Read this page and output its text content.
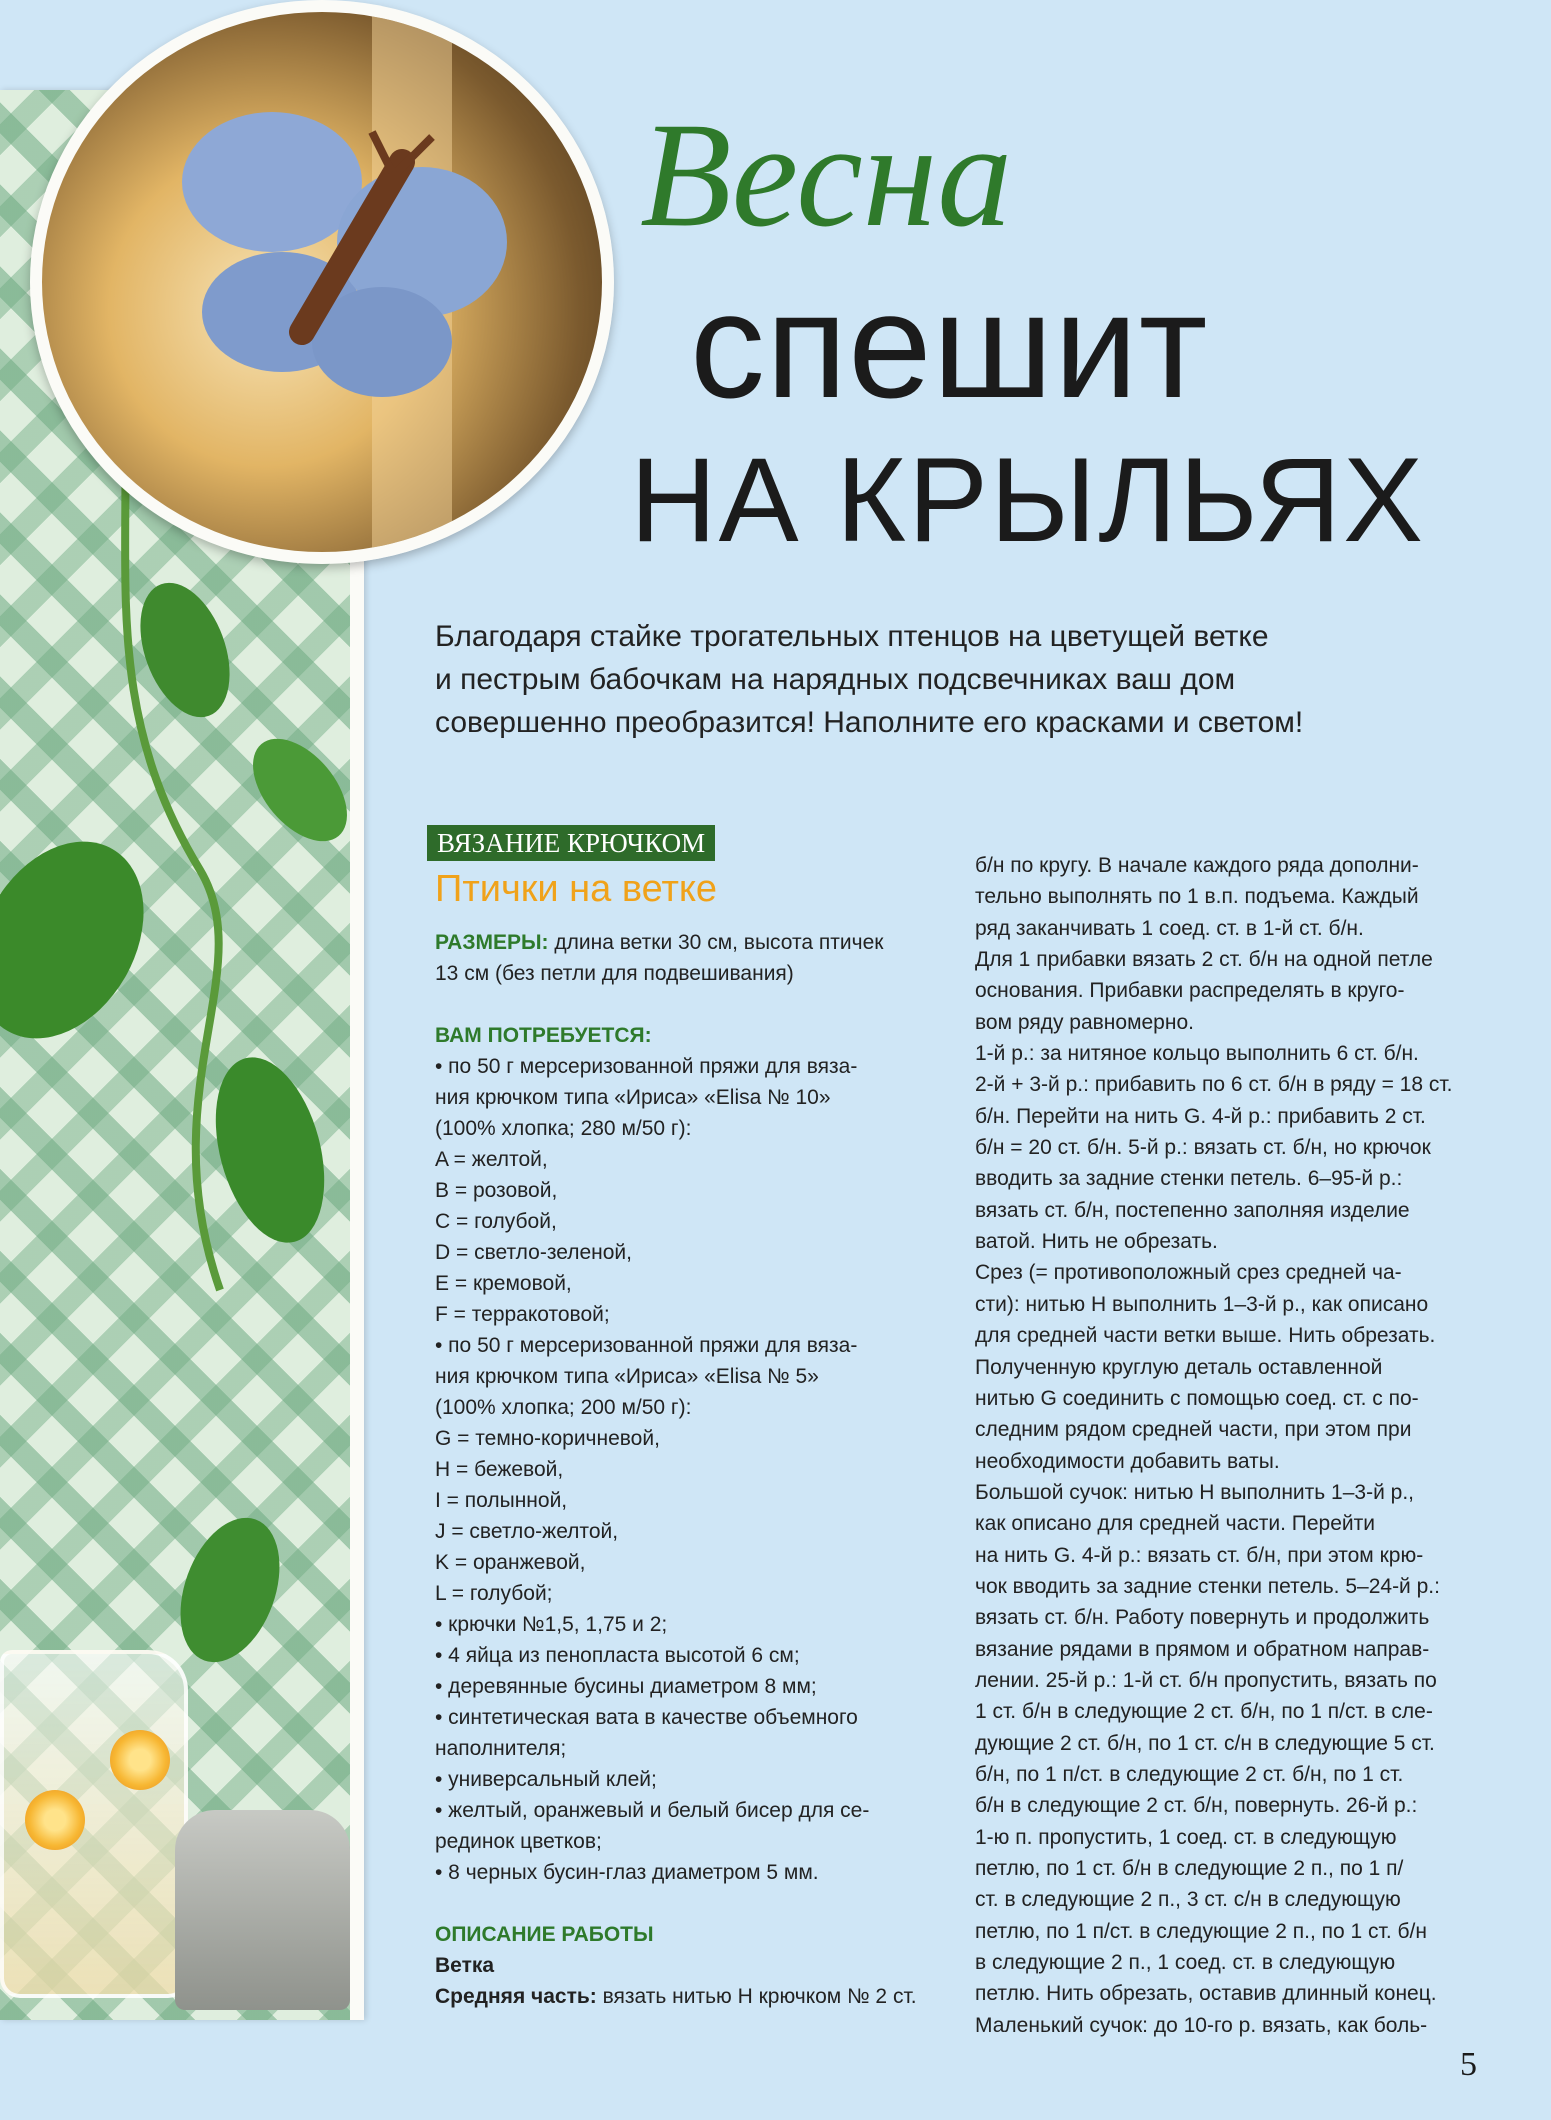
Весна
спешит
НА КРЫЛЬЯХ

Благодаря стайке трогательных птенцов на цветущей ветке

и пестрым бабочкам на нарядных подсвечниках ваш дом

совершенно преобразится! Наполните его красками и светом!

ВЯЗАНИЕ КРЮЧКОМ
Птички на ветке
РАЗМЕРЫ: длина ветки 30 см, высота птичек
13 см (без петли для подвешивания)
ВАМ ПОТРЕБУЕТСЯ:
• по 50 г мерсеризованной пряжи для вяза-
ния крючком типа «Ириса» «Elisa № 10»
(100% хлопка; 280 м/50 г):
A = желтой,
B = розовой,
C = голубой,
D = светло-зеленой,
E = кремовой,
F = терракотовой;
• по 50 г мерсеризованной пряжи для вяза-
ния крючком типа «Ириса» «Elisa № 5»
(100% хлопка; 200 м/50 г):
G = темно-коричневой,
H = бежевой,
I = полынной,
J = светло-желтой,
K = оранжевой,
L = голубой;
• крючки №1,5, 1,75 и 2;
• 4 яйца из пенопласта высотой 6 см;
• деревянные бусины диаметром 8 мм;
• синтетическая вата в качестве объемного
наполнителя;
• универсальный клей;
• желтый, оранжевый и белый бисер для се-
рединок цветков;
• 8 черных бусин-глаз диаметром 5 мм.
ОПИСАНИЕ РАБОТЫ
Ветка
Средняя часть: вязать нитью H крючком № 2 ст.
б/н по кругу. В начале каждого ряда дополни-
тельно выполнять по 1 в.п. подъема. Каждый
ряд заканчивать 1 соед. ст. в 1-й ст. б/н.
Для 1 прибавки вязать 2 ст. б/н на одной петле
основания. Прибавки распределять в круго-
вом ряду равномерно.
1-й р.: за нитяное кольцо выполнить 6 ст. б/н.
2-й + 3-й р.: прибавить по 6 ст. б/н в ряду = 18 ст.
б/н. Перейти на нить G. 4-й р.: прибавить 2 ст.
б/н = 20 ст. б/н. 5-й р.: вязать ст. б/н, но крючок
вводить за задние стенки петель. 6–95-й р.:
вязать ст. б/н, постепенно заполняя изделие
ватой. Нить не обрезать.
Срез (= противоположный срез средней ча-
сти): нитью H выполнить 1–3-й р., как описано
для средней части ветки выше. Нить обрезать.
Полученную круглую деталь оставленной
нитью G соединить с помощью соед. ст. с по-
следним рядом средней части, при этом при
необходимости добавить ваты.
Большой сучок: нитью H выполнить 1–3-й р.,
как описано для средней части. Перейти
на нить G. 4-й р.: вязать ст. б/н, при этом крю-
чок вводить за задние стенки петель. 5–24-й р.:
вязать ст. б/н. Работу повернуть и продолжить
вязание рядами в прямом и обратном направ-
лении. 25-й р.: 1-й ст. б/н пропустить, вязать по
1 ст. б/н в следующие 2 ст. б/н, по 1 п/ст. в сле-
дующие 2 ст. б/н, по 1 ст. с/н в следующие 5 ст.
б/н, по 1 п/ст. в следующие 2 ст. б/н, по 1 ст.
б/н в следующие 2 ст. б/н, повернуть. 26-й р.:
1-ю п. пропустить, 1 соед. ст. в следующую
петлю, по 1 ст. б/н в следующие 2 п., по 1 п/
ст. в следующие 2 п., 3 ст. с/н в следующую
петлю, по 1 п/ст. в следующие 2 п., по 1 ст. б/н
в следующие 2 п., 1 соед. ст. в следующую
петлю. Нить обрезать, оставив длинный конец.
Маленький сучок: до 10-го р. вязать, как боль-
5
